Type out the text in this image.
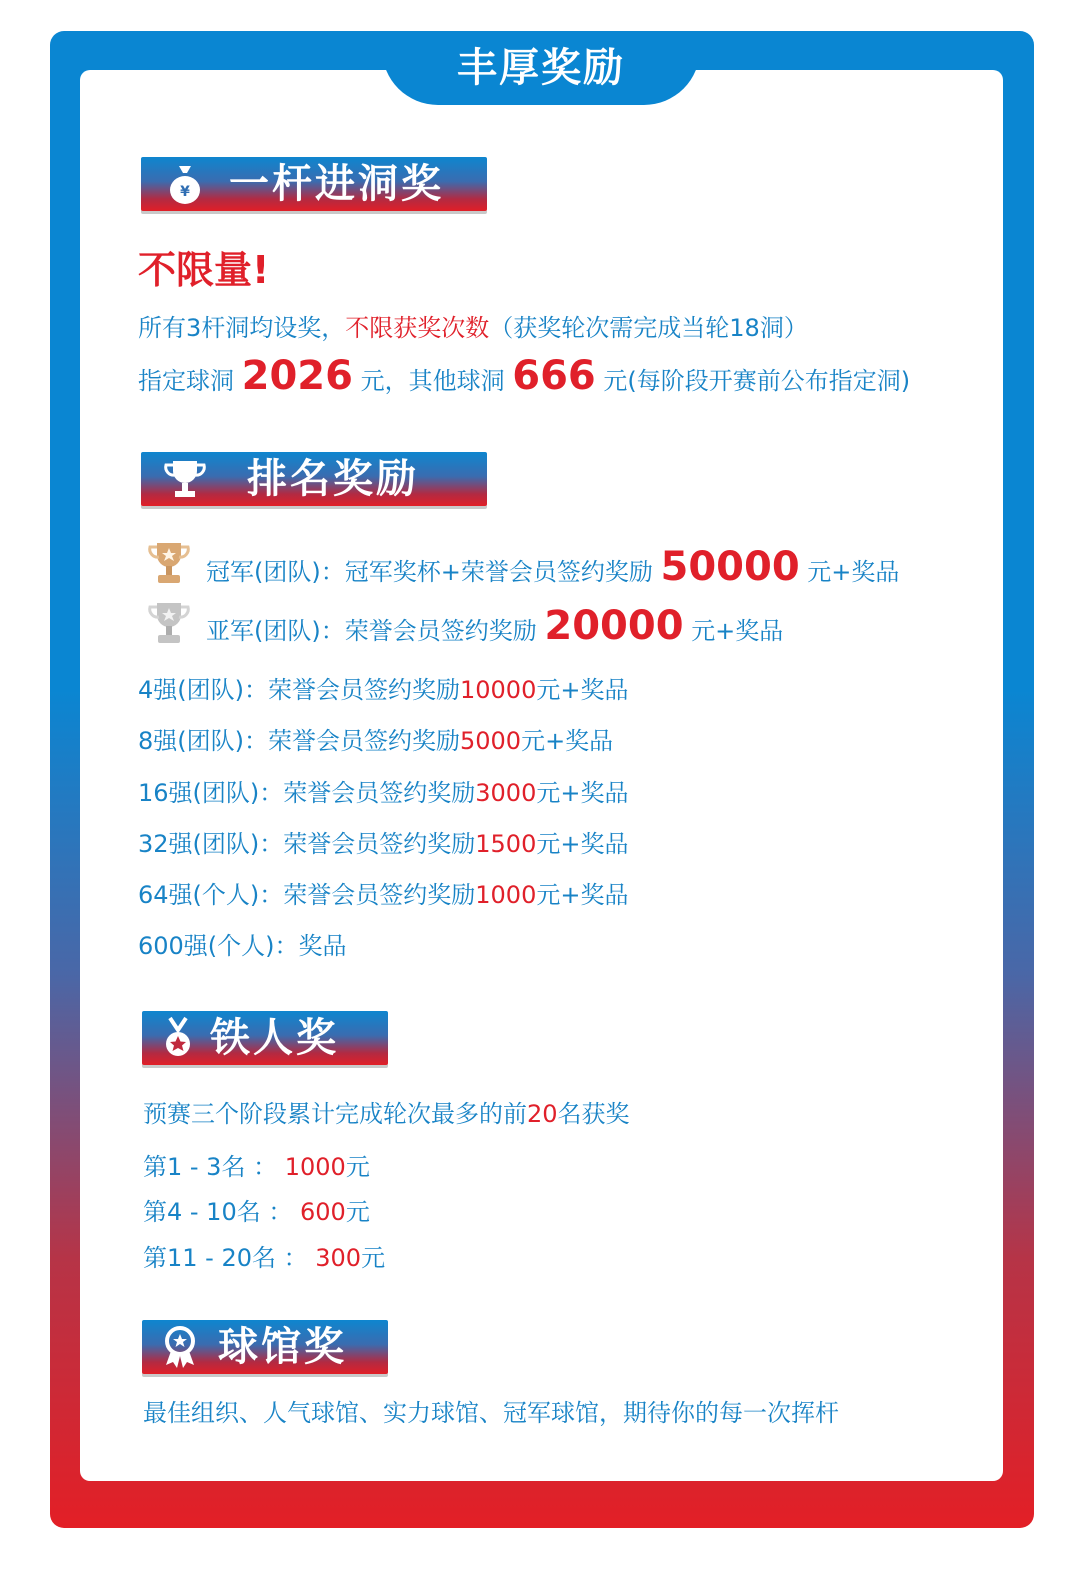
丰厚奖励
¥ 一杆进洞奖
不限量!
所有3杆洞均设奖，不限获奖次数（获奖轮次需完成当轮18洞）
指定球洞 2026 元，其他球洞 666 元(每阶段开赛前公布指定洞)
排名奖励
冠军(团队)：冠军奖杯+荣誉会员签约奖励 50000 元+奖品
亚军(团队)：荣誉会员签约奖励 20000 元+奖品
4强(团队)：荣誉会员签约奖励10000元+奖品
8强(团队)：荣誉会员签约奖励5000元+奖品
16强(团队)：荣誉会员签约奖励3000元+奖品
32强(团队)：荣誉会员签约奖励1500元+奖品
64强(个人)：荣誉会员签约奖励1000元+奖品
600强(个人)：奖品
铁人奖
预赛三个阶段累计完成轮次最多的前20名获奖
第1 - 3名 ： 1000元
第4 - 10名 ： 600元
第11 - 20名 ： 300元
球馆奖
最佳组织、人气球馆、实力球馆、冠军球馆，期待你的每一次挥杆
